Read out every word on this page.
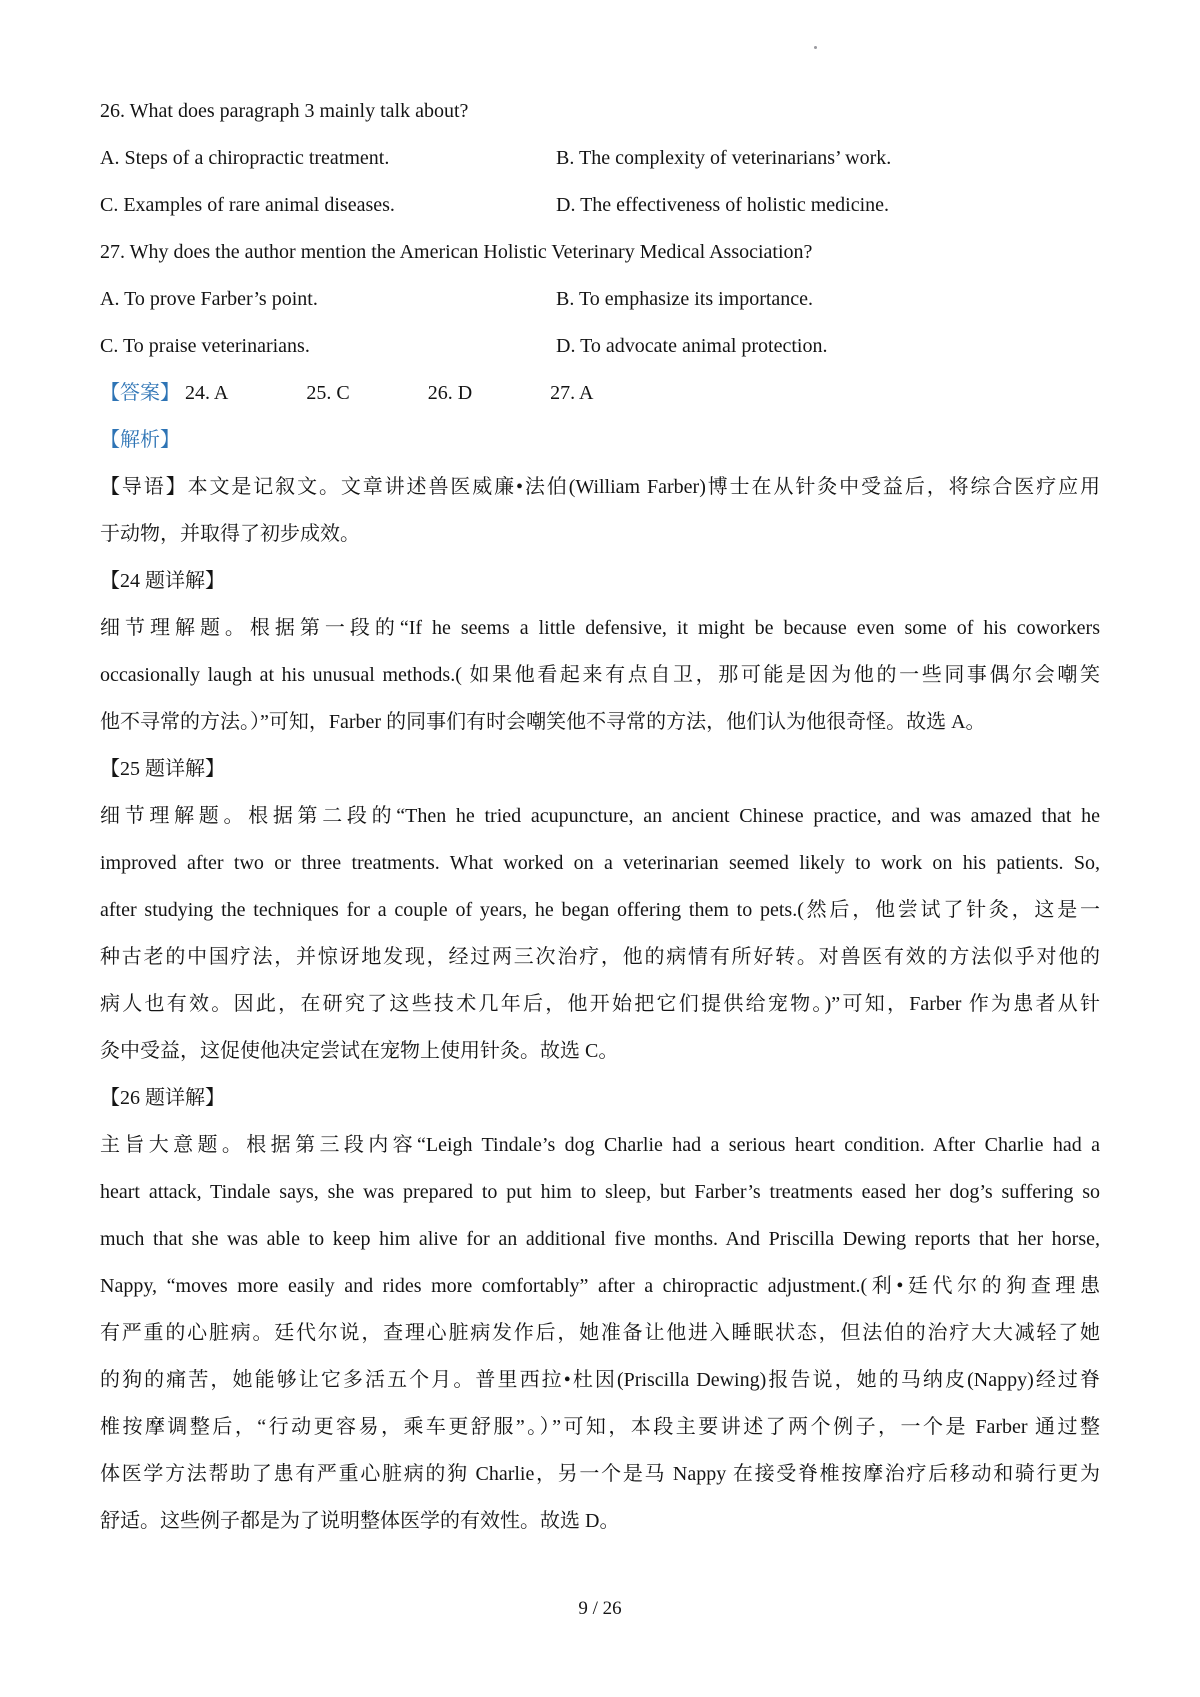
26. What does paragraph 3 mainly talk about?
A. Steps of a chiropractic treatment.	B. The complexity of veterinarians’ work.
C. Examples of rare animal diseases.	D. The effectiveness of holistic medicine.
27. Why does the author mention the American Holistic Veterinary Medical Association?
A. To prove Farber’s point.	B. To emphasize its importance.
C. To praise veterinarians.	D. To advocate animal protection.
【答案】 24. A	25. C	26. D	27. A
【解析】
【导语】本文是记叙文。文章讲述兽医威廉•法伯(William Farber)博士在从针灸中受益后，将综合医疗应用
于动物，并取得了初步成效。
【24 题详解】
细节理解题。根据第一段的“If he seems a little defensive, it might be because even some of his coworkers
occasionally laugh at his unusual methods.( 如果他看起来有点自卫，那可能是因为他的一些同事偶尔会嘲笑
他不寻常的方法。）”可知，Farber 的同事们有时会嘲笑他不寻常的方法，他们认为他很奇怪。故选 A。
【25 题详解】
细节理解题。根据第二段的“Then he tried acupuncture, an ancient Chinese practice, and was amazed that he
improved after two or three treatments. What worked on a veterinarian seemed likely to work on his patients. So,
after studying the techniques for a couple of years, he began offering them to pets.(然后，他尝试了针灸，这是一
种古老的中国疗法，并惊讶地发现，经过两三次治疗，他的病情有所好转。对兽医有效的方法似乎对他的
病人也有效。因此，在研究了这些技术几年后，他开始把它们提供给宠物。)”可知，Farber 作为患者从针
灸中受益，这促使他决定尝试在宠物上使用针灸。故选 C。
【26 题详解】
主旨大意题。根据第三段内容“Leigh Tindale’s dog Charlie had a serious heart condition. After Charlie had a
heart attack, Tindale says, she was prepared to put him to sleep, but Farber’s treatments eased her dog’s suffering so
much that she was able to keep him alive for an additional five months. And Priscilla Dewing reports that her horse,
Nappy, “moves more easily and rides more comfortably” after a chiropractic adjustment.(利•廷代尔的狗查理患
有严重的心脏病。廷代尔说，查理心脏病发作后，她准备让他进入睡眠状态，但法伯的治疗大大减轻了她
的狗的痛苦，她能够让它多活五个月。普里西拉•杜因(Priscilla Dewing)报告说，她的马纳皮(Nappy)经过脊
椎按摩调整后，“行动更容易，乘车更舒服”。）”可知，本段主要讲述了两个例子，一个是 Farber 通过整
体医学方法帮助了患有严重心脏病的狗 Charlie，另一个是马 Nappy 在接受脊椎按摩治疗后移动和骑行更为
舒适。这些例子都是为了说明整体医学的有效性。故选 D。
9 / 26
